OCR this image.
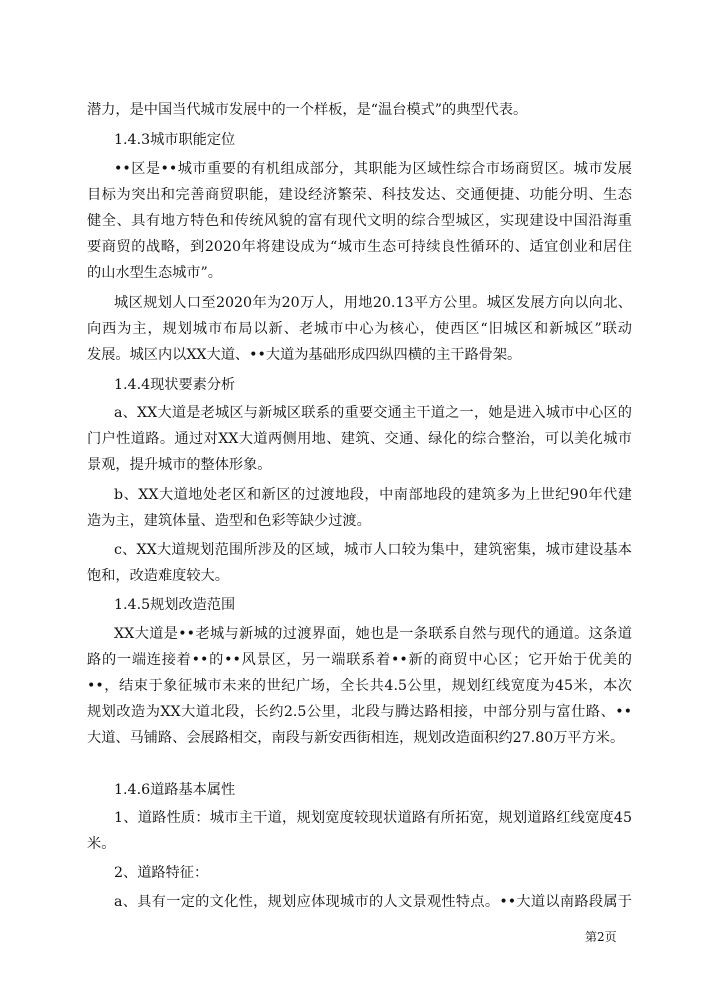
潜力，是中国当代城市发展中的一个样板，是“温台模式”的典型代表。
1.4.3城市职能定位
••区是••城市重要的有机组成部分，其职能为区域性综合市场商贸区。城市发展
目标为突出和完善商贸职能，建设经济繁荣、科技发达、交通便捷、功能分明、生态
健全、具有地方特色和传统风貌的富有现代文明的综合型城区，实现建设中国沿海重
要商贸的战略，到2020年将建设成为“城市生态可持续良性循环的、适宜创业和居住
的山水型生态城市”。
城区规划人口至2020年为20万人，用地20.13平方公里。城区发展方向以向北、
向西为主，规划城市布局以新、老城市中心为核心，使西区“旧城区和新城区”联动
发展。城区内以XX大道、••大道为基础形成四纵四横的主干路骨架。
1.4.4现状要素分析
a、XX大道是老城区与新城区联系的重要交通主干道之一，她是进入城市中心区的
门户性道路。通过对XX大道两侧用地、建筑、交通、绿化的综合整治，可以美化城市
景观，提升城市的整体形象。
b、XX大道地处老区和新区的过渡地段，中南部地段的建筑多为上世纪90年代建
造为主，建筑体量、造型和色彩等缺少过渡。
c、XX大道规划范围所涉及的区域，城市人口较为集中，建筑密集，城市建设基本
饱和，改造难度较大。
1.4.5规划改造范围
XX大道是••老城与新城的过渡界面，她也是一条联系自然与现代的通道。这条道
路的一端连接着••的••风景区，另一端联系着••新的商贸中心区；它开始于优美的
••，结束于象征城市未来的世纪广场，全长共4.5公里，规划红线宽度为45米，本次
规划改造为XX大道北段，长约2.5公里，北段与腾达路相接，中部分别与富仕路、••
大道、马铺路、会展路相交，南段与新安西街相连，规划改造面积约27.80万平方米。
1.4.6道路基本属性
1、道路性质：城市主干道，规划宽度较现状道路有所拓宽，规划道路红线宽度45
米。
2、道路特征：
a、具有一定的文化性，规划应体现城市的人文景观性特点。••大道以南路段属于
第2页
